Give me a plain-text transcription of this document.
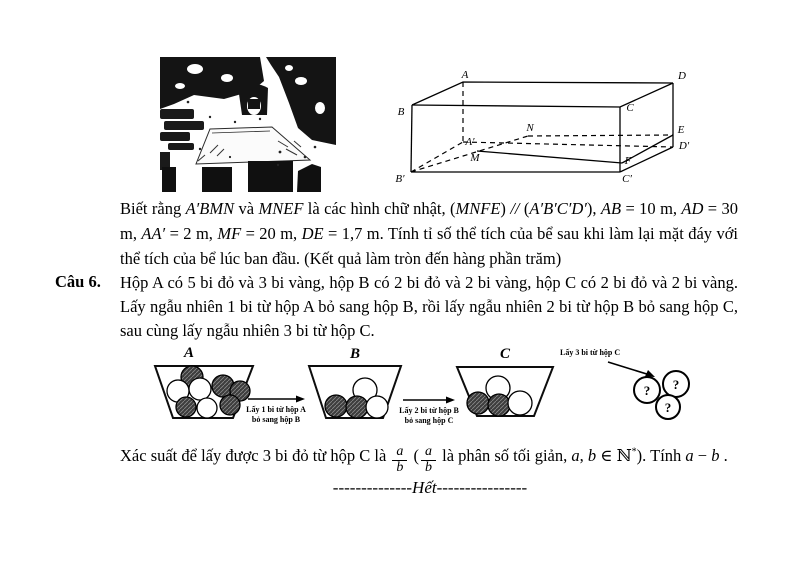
A
B	C
D
E
F
M
N
A′
B′	C′
D′
Biết rằng A′BMN và MNEF là các hình chữ nhật, (MNFE) // (A′B′C′D′), AB = 10 m, AD = 30 m, AA′ = 2 m, MF = 20 m, DE = 1,7 m. Tính tỉ số thể tích của bể sau khi làm lại mặt đáy với thể tích của bể lúc ban đầu. (Kết quả làm tròn đến hàng phần trăm)
Câu 6. Hộp A có 5 bi đỏ và 3 bi vàng, hộp B có 2 bi đỏ và 2 bi vàng, hộp C có 2 bi đỏ và 2 bi vàng. Lấy ngẫu nhiên 1 bi từ hộp A bỏ sang hộp B, rồi lấy ngẫu nhiên 2 bi từ hộp B bỏ sang hộp C, sau cùng lấy ngẫu nhiên 3 bi từ hộp C.
A
Lấy 1 bi từ hộp A
bỏ sang hộp B
B
Lấy 2 bi từ hộp B
bỏ sang hộp C
C	Lấy 3 bi từ hộp C
? ?
?
Xác suất để lấy được 3 bi đỏ từ hộp C là $\frac{a}{b}$ ( $\frac{a}{b}$ là phân số tối giản, a, b ∈ ℕ*). Tính a − b .
--------------Hết----------------
